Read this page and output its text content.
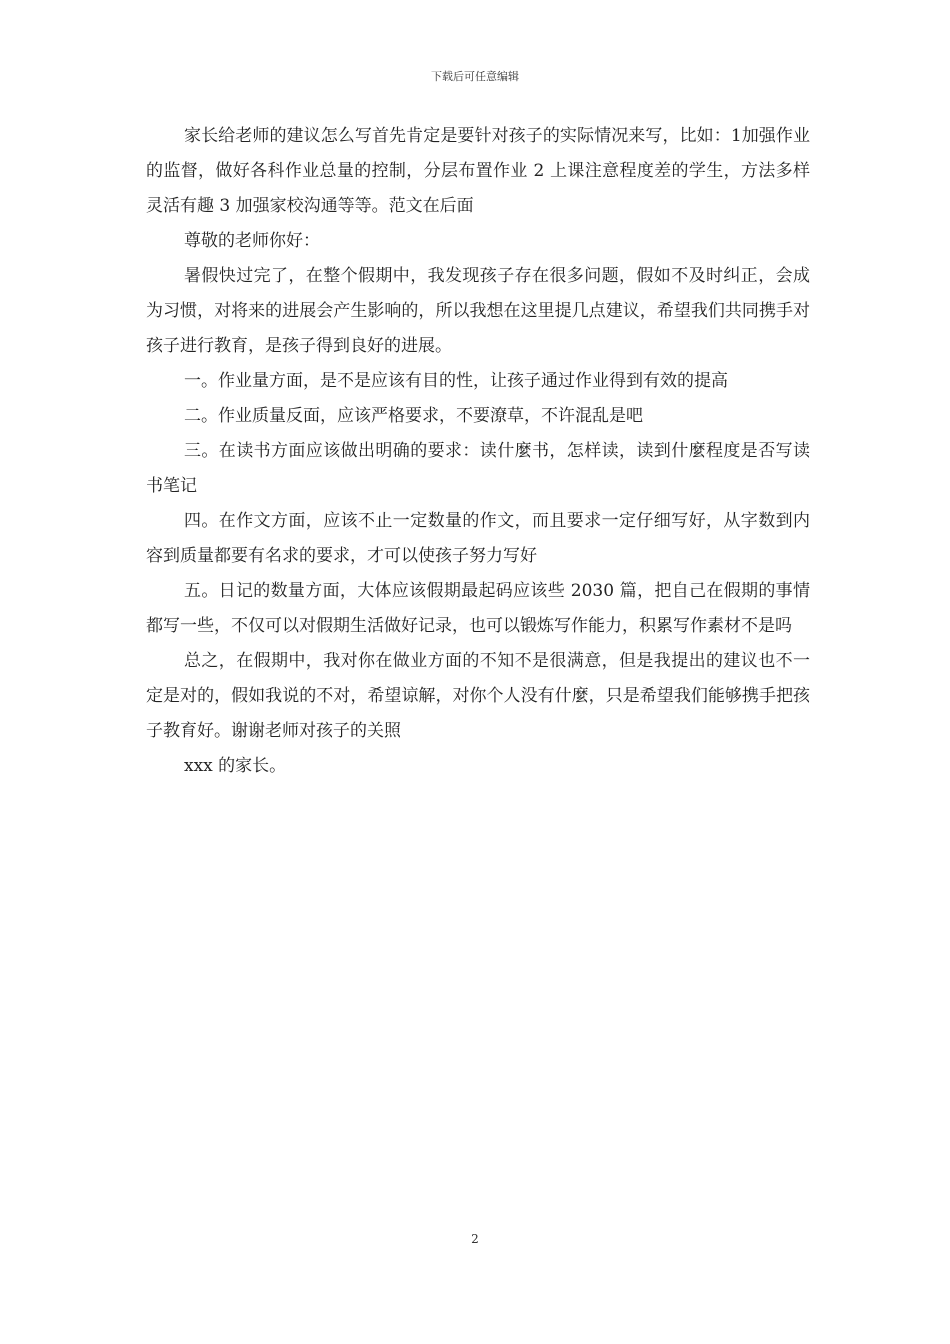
下载后可任意编辑

家长给老师的建议怎么写首先肯定是要针对孩子的实际情况来写，比如：1加强作业的监督，做好各科作业总量的控制，分层布置作业 2 上课注意程度差的学生，方法多样灵活有趣 3 加强家校沟通等等。范文在后面

尊敬的老师你好：

暑假快过完了，在整个假期中，我发现孩子存在很多问题，假如不及时纠正，会成为习惯，对将来的进展会产生影响的，所以我想在这里提几点建议，希望我们共同携手对孩子进行教育，是孩子得到良好的进展。

一。作业量方面，是不是应该有目的性，让孩子通过作业得到有效的提高

二。作业质量反面，应该严格要求，不要潦草，不许混乱是吧

三。在读书方面应该做出明确的要求：读什麼书，怎样读，读到什麼程度是否写读书笔记

四。在作文方面，应该不止一定数量的作文，而且要求一定仔细写好，从字数到内容到质量都要有名求的要求，才可以使孩子努力写好

五。日记的数量方面，大体应该假期最起码应该些 2030 篇，把自己在假期的事情都写一些，不仅可以对假期生活做好记录，也可以锻炼写作能力，积累写作素材不是吗

总之，在假期中，我对你在做业方面的不知不是很满意，但是我提出的建议也不一定是对的，假如我说的不对，希望谅解，对你个人没有什麼，只是希望我们能够携手把孩子教育好。谢谢老师对孩子的关照

xxx 的家长。

2
